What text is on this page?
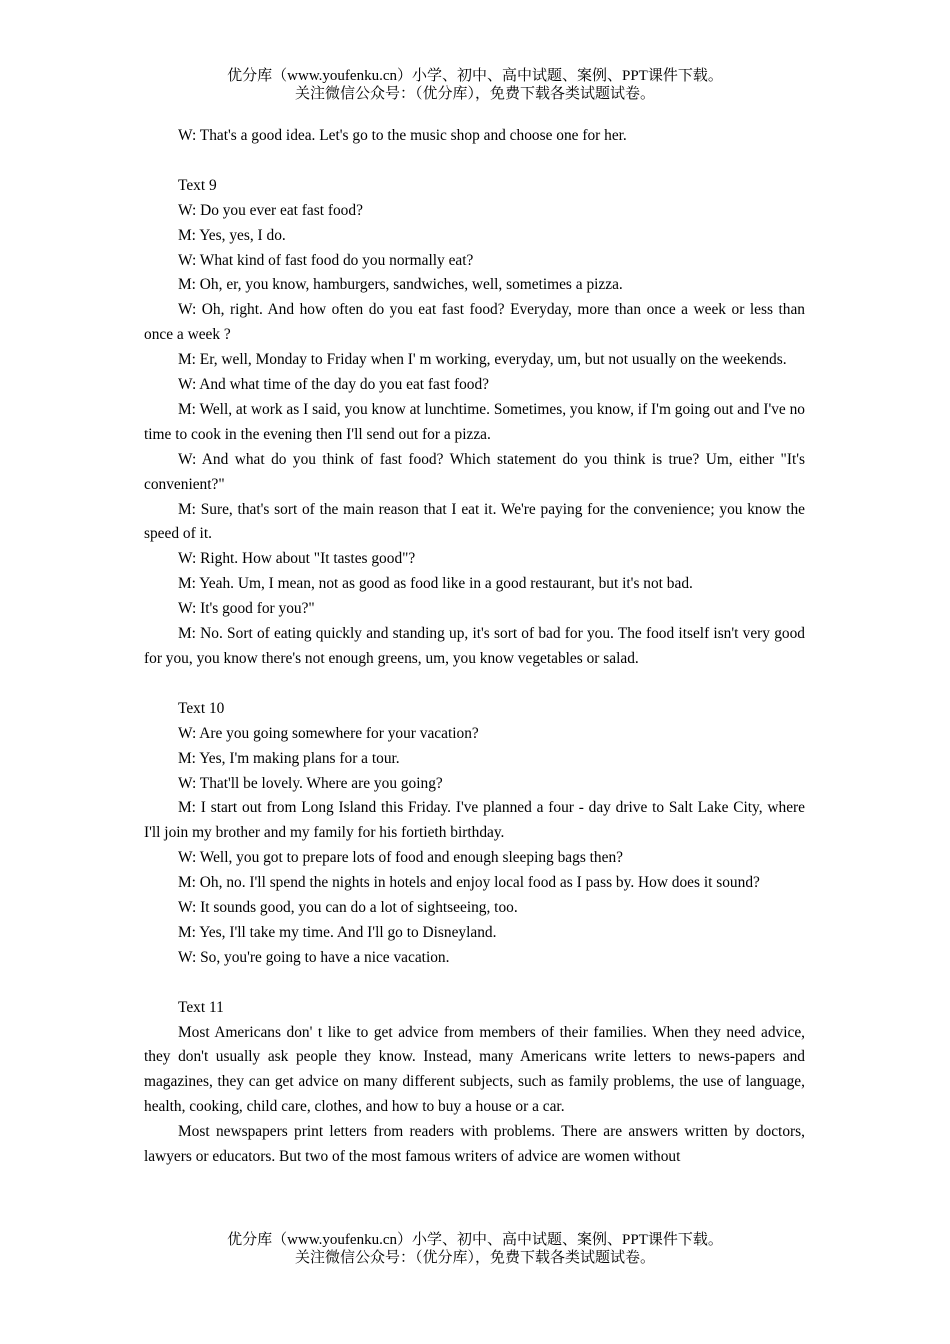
优分库（www.youfenku.cn）小学、初中、高中试题、案例、PPT课件下载。
关注微信公众号：（优分库），免费下载各类试题试卷。

W: That's a good idea. Let's go to the music shop and choose one for her.

Text 9

W: Do you ever eat fast food?

M: Yes, yes, I do.

W: What kind of fast food do you normally eat?

M: Oh, er, you know, hamburgers, sandwiches, well, sometimes a pizza.

W: Oh, right. And how often do you eat fast food? Everyday, more than once a week or less than once a week ?

M: Er, well, Monday to Friday when I' m working, everyday, um, but not usually on the weekends.

W: And what time of the day do you eat fast food?

M: Well, at work as I said, you know at lunchtime. Sometimes, you know, if I'm going out and I've no time to cook in the evening then I'll send out for a pizza.

W: And what do you think of fast food? Which statement do you think is true? Um, either "It's convenient?"

M: Sure, that's sort of the main reason that I eat it. We're paying for the convenience; you know the speed of it.

W: Right. How about "It tastes good"?

M: Yeah. Um, I mean, not as good as food like in a good restaurant, but it's not bad.

W: It's good for you?"

M: No. Sort of eating quickly and standing up, it's sort of bad for you. The food itself isn't very good for you, you know there's not enough greens, um, you know vegetables or salad.

Text 10

W: Are you going somewhere for your vacation?

M: Yes, I'm making plans for a tour.

W: That'll be lovely. Where are you going?

M: I start out from Long Island this Friday. I've planned a four - day drive to Salt Lake City, where I'll join my brother and my family for his fortieth birthday.

W: Well, you got to prepare lots of food and enough sleeping bags then?

M: Oh, no. I'll spend the nights in hotels and enjoy local food as I pass by. How does it sound?

W: It sounds good, you can do a lot of sightseeing, too.

M: Yes, I'll take my time. And I'll go to Disneyland.

W: So, you're going to have a nice vacation.

Text 11

Most Americans don' t like to get advice from members of their families. When they need advice, they don't usually ask people they know. Instead, many Americans write letters to news-papers and magazines, they can get advice on many different subjects, such as family problems, the use of language, health, cooking, child care, clothes, and how to buy a house or a car.

Most newspapers print letters from readers with problems. There are answers written by doctors, lawyers or educators. But two of the most famous writers of advice are women without

优分库（www.youfenku.cn）小学、初中、高中试题、案例、PPT课件下载。
关注微信公众号：（优分库），免费下载各类试题试卷。
